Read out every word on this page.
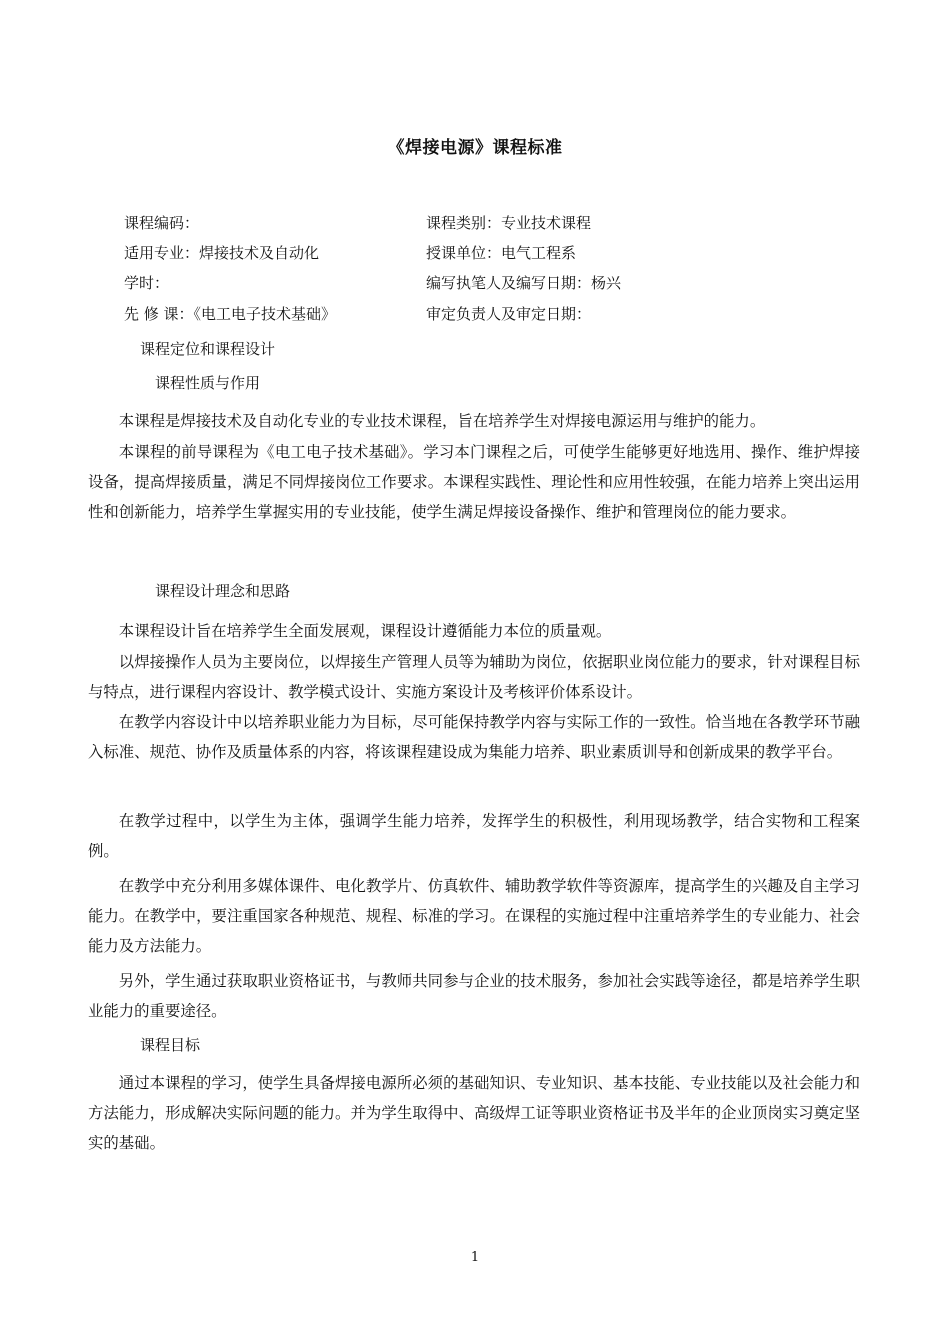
《焊接电源》课程标准
课程编码：	课程类别：专业技术课程
适用专业：焊接技术及自动化	授课单位：电气工程系
学时：	编写执笔人及编写日期：杨兴
先 修 课：《电工电子技术基础》	审定负责人及审定日期：
课程定位和课程设计
课程性质与作用
本课程是焊接技术及自动化专业的专业技术课程，旨在培养学生对焊接电源运用与维护的能力。
本课程的前导课程为《电工电子技术基础》。学习本门课程之后，可使学生能够更好地选用、操作、维护焊接设备，提高焊接质量，满足不同焊接岗位工作要求。本课程实践性、理论性和应用性较强，在能力培养上突出运用性和创新能力，培养学生掌握实用的专业技能，使学生满足焊接设备操作、维护和管理岗位的能力要求。
课程设计理念和思路
本课程设计旨在培养学生全面发展观，课程设计遵循能力本位的质量观。
以焊接操作人员为主要岗位，以焊接生产管理人员等为辅助为岗位，依据职业岗位能力的要求，针对课程目标与特点，进行课程内容设计、教学模式设计、实施方案设计及考核评价体系设计。
在教学内容设计中以培养职业能力为目标，尽可能保持教学内容与实际工作的一致性。恰当地在各教学环节融入标准、规范、协作及质量体系的内容，将该课程建设成为集能力培养、职业素质训导和创新成果的教学平台。
在教学过程中，以学生为主体，强调学生能力培养，发挥学生的积极性，利用现场教学，结合实物和工程案例。
在教学中充分利用多媒体课件、电化教学片、仿真软件、辅助教学软件等资源库，提高学生的兴趣及自主学习能力。在教学中，要注重国家各种规范、规程、标准的学习。在课程的实施过程中注重培养学生的专业能力、社会能力及方法能力。
另外，学生通过获取职业资格证书，与教师共同参与企业的技术服务，参加社会实践等途径，都是培养学生职业能力的重要途径。
课程目标
通过本课程的学习，使学生具备焊接电源所必须的基础知识、专业知识、基本技能、专业技能以及社会能力和方法能力，形成解决实际问题的能力。并为学生取得中、高级焊工证等职业资格证书及半年的企业顶岗实习奠定坚实的基础。
1
